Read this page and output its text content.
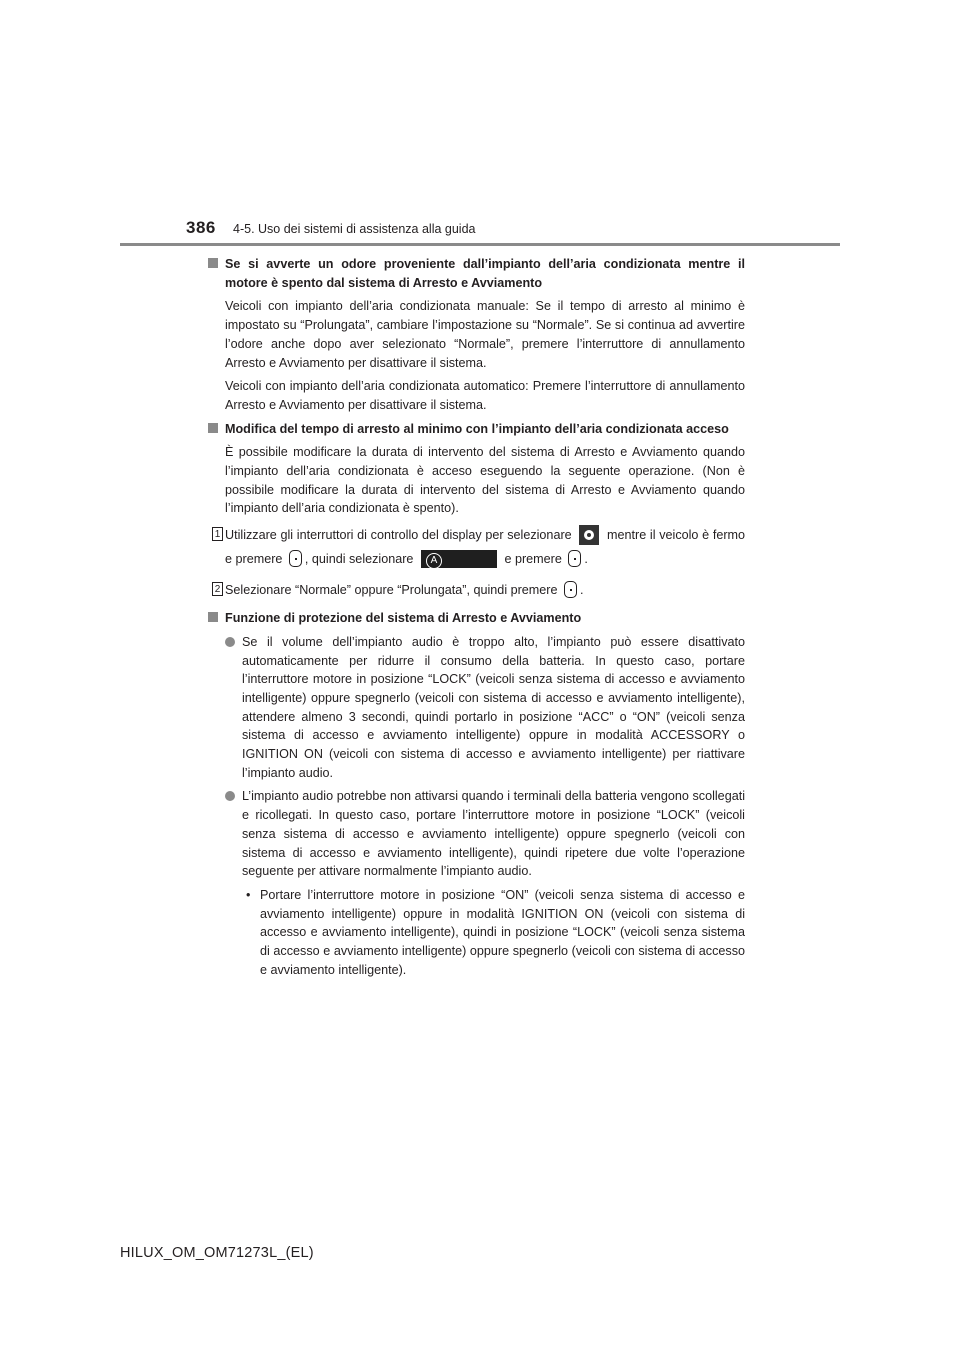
386 4-5. Uso dei sistemi di assistenza alla guida

Se si avverte un odore proveniente dall’impianto dell’aria condizionata mentre il motore è spento dal sistema di Arresto e Avviamento

Veicoli con impianto dell’aria condizionata manuale: Se il tempo di arresto al minimo è impostato su “Prolungata”, cambiare l’impostazione su “Normale”. Se si continua ad avvertire l’odore anche dopo aver selezionato “Normale”, premere l’interruttore di annullamento Arresto e Avviamento per disattivare il sistema.

Veicoli con impianto dell’aria condizionata automatico: Premere l’interruttore di annullamento Arresto e Avviamento per disattivare il sistema.

Modifica del tempo di arresto al minimo con l’impianto dell’aria condizionata acceso

È possibile modificare la durata di intervento del sistema di Arresto e Avviamento quando l’impianto dell’aria condizionata è acceso eseguendo la seguente operazione. (Non è possibile modificare la durata di intervento del sistema di Arresto e Avviamento quando l’impianto dell’aria condizionata è spento).

1 Utilizzare gli interruttori di controllo del display per selezionare	mentre il veicolo è fermo e premere , quindi selezionare A	e premere .

2 Selezionare “Normale” oppure “Prolungata”, quindi premere .

Funzione di protezione del sistema di Arresto e Avviamento

Se il volume dell’impianto audio è troppo alto, l’impianto può essere disattivato automaticamente per ridurre il consumo della batteria. In questo caso, portare l’interruttore motore in posizione “LOCK” (veicoli senza sistema di accesso e avviamento intelligente) oppure spegnerlo (veicoli con sistema di accesso e avviamento intelligente), attendere almeno 3 secondi, quindi portarlo in posizione “ACC” o “ON” (veicoli senza sistema di accesso e avviamento intelligente) oppure in modalità ACCESSORY o IGNITION ON (veicoli con sistema di accesso e avviamento intelligente) per riattivare l’impianto audio.

L’impianto audio potrebbe non attivarsi quando i terminali della batteria vengono scollegati e ricollegati. In questo caso, portare l’interruttore motore in posizione “LOCK” (veicoli senza sistema di accesso e avviamento intelligente) oppure spegnerlo (veicoli con sistema di accesso e avviamento intelligente), quindi ripetere due volte l’operazione seguente per attivare normalmente l’impianto audio.

• Portare l’interruttore motore in posizione “ON” (veicoli senza sistema di accesso e avviamento intelligente) oppure in modalità IGNITION ON (veicoli con sistema di accesso e avviamento intelligente), quindi in posizione “LOCK” (veicoli senza sistema di accesso e avviamento intelligente) oppure spegnerlo (veicoli con sistema di accesso e avviamento intelligente).

HILUX_OM_OM71273L_(EL)
